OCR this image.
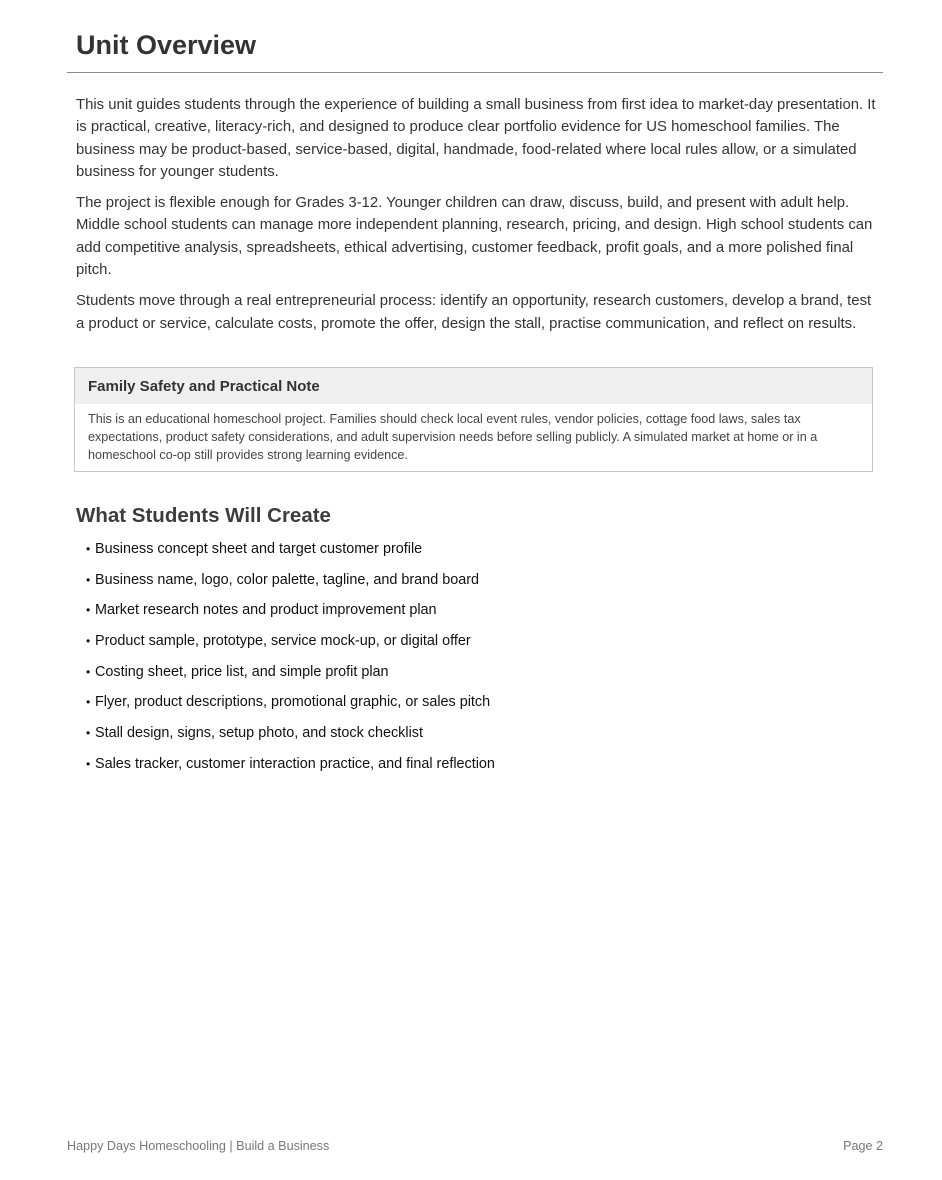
Unit Overview

This unit guides students through the experience of building a small business from first idea to market-day presentation. It is practical, creative, literacy-rich, and designed to produce clear portfolio evidence for US homeschool families. The business may be product-based, service-based, digital, handmade, food-related where local rules allow, or a simulated business for younger students.

The project is flexible enough for Grades 3-12. Younger children can draw, discuss, build, and present with adult help. Middle school students can manage more independent planning, research, pricing, and design. High school students can add competitive analysis, spreadsheets, ethical advertising, customer feedback, profit goals, and a more polished final pitch.

Students move through a real entrepreneurial process: identify an opportunity, research customers, develop a brand, test a product or service, calculate costs, promote the offer, design the stall, practise communication, and reflect on results.

Family Safety and Practical Note
This is an educational homeschool project. Families should check local event rules, vendor policies, cottage food laws, sales tax expectations, product safety considerations, and adult supervision needs before selling publicly. A simulated market at home or in a homeschool co-op still provides strong learning evidence.
What Students Will Create
• Business concept sheet and target customer profile
• Business name, logo, color palette, tagline, and brand board
• Market research notes and product improvement plan
• Product sample, prototype, service mock-up, or digital offer
• Costing sheet, price list, and simple profit plan
• Flyer, product descriptions, promotional graphic, or sales pitch
• Stall design, signs, setup photo, and stock checklist
• Sales tracker, customer interaction practice, and final reflection
Happy Days Homeschooling | Build a Business	Page 2
